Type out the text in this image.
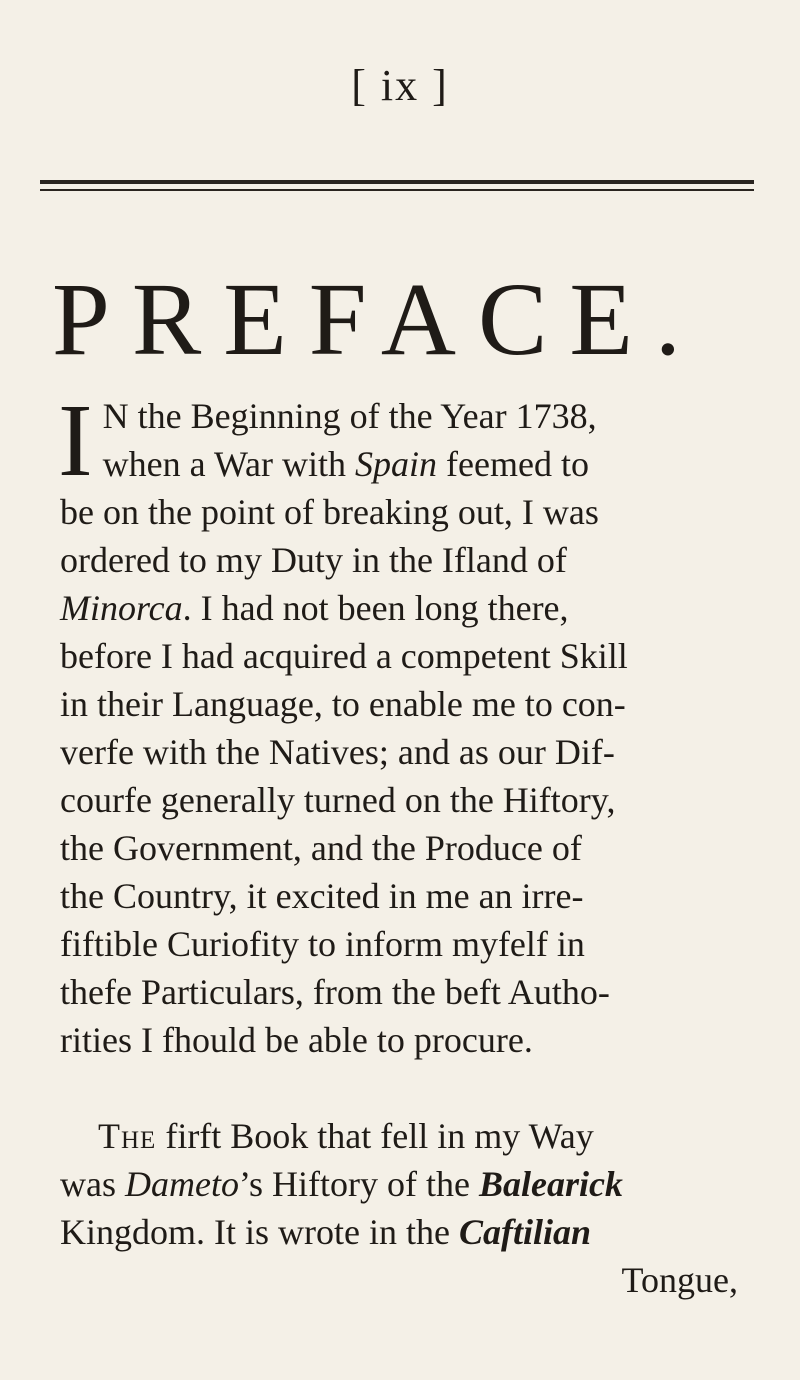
[ ix ]
PREFACE.
I N the Beginning of the Year 1738,
when a War with Spain feemed to
be on the point of breaking out, I was
ordered to my Duty in the Ifland of
Minorca. I had not been long there,
before I had acquired a competent Skill
in their Language, to enable me to con-
verfe with the Natives; and as our Dif-
courfe generally turned on the Hiftory,
the Government, and the Produce of
the Country, it excited in me an irre-
fiftible Curiofity to inform myfelf in
thefe Particulars, from the beft Autho-
rities I fhould be able to procure.
The firft Book that fell in my Way
was Dameto’s Hiftory of the Balearick
Kingdom. It is wrote in the Caftilian
Tongue,
